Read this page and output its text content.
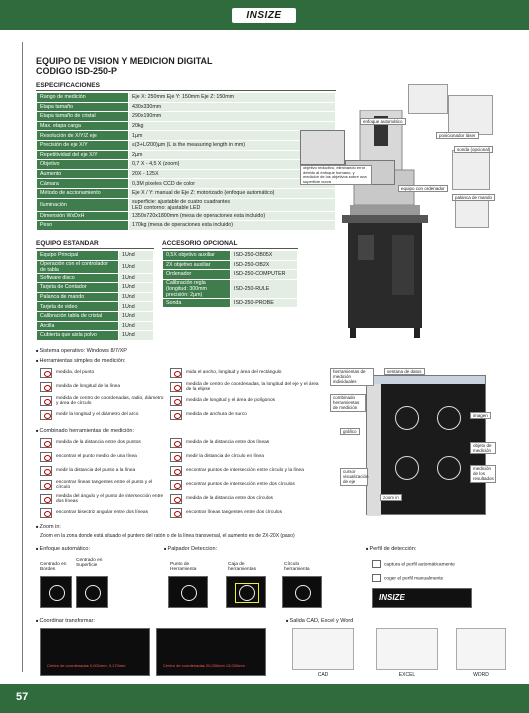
INSIZE
EQUIPO DE VISION Y MEDICION DIGITAL
CODIGO ISD-250-P
ESPECIFICACIONES
Rango de medición	Eje X: 250mm Eje Y: 150mm Eje Z: 150mm
Etapa tamaño	430x330mm
Etapa tamaño de cristal	290x190mm
Max. etapa carga	20kg
Resolución de X/Y/Z eje	1µm
Precisión de eje X/Y	≤(3+L/200)µm (L is the measuring length in mm)
Repetitividad del eje X/Y	2µm
Objetivo	0,7 X - 4,5 X (zoom)
Aumento	20X - 125X
Cámara	0,3M pixeles CCD de color
Método de accionamiento	Eje X / Y: manual de Eje Z: motorizado (enfoque automático)
Iluminación	superficie: ajustable de cuatro cuadrantes
LED contorno: ajustable LED
Dimensión WxDxH	1350x720x1800mm (mesa de operaciones esta incluido)
Peso	170kg (mesa de operaciones esta incluido)
enfoque automático
posicionador láser
sonda (opcional)
objetivo reductivo, eliminando error debido al enfoque humano, y medición de los objetivos sobre una superficie curva
equipo con ordenador
palanca de mando
EQUIPO ESTANDAR
Equipo Principal	1Und
Operación con el controlador de tabla	1Und
Software disco	1Und
Tarjeta de Contador	1Und
Palanca de mando	1Und
Tarjeta de video	1Und
Calibración tabla de cristal	1Und
Arcilla	1Und
Cubierta que aisla polvo	1Und
ACCESORIO OPCIONAL
0,5X objetivo auxiliar	ISD-250-OB05X
2X objetivo auxiliar	ISD-250-OB2X
Ordenador	ISD-250-COMPUTER
Calibración regla (longitud: 300mm precisión: 2µm)	ISD-250-RULE
Sonda	ISD-250-PROBE
■ Sistema operativo: Windows 8/7/XP
■ Herramientas simples de medición:
medida, del punto
medida de longitud de la línea
medida de centro de coordenadas, radio, diámetro y área de círculo
medir la longitud y el diámetro del arco
mida el ancho, longitud y área del rectángulo
medida de centro de coordenadas, la longitud del eje y el área de la elipse
medida de longitud y el área de polígonos
medida de anchura de surco
■ Combinado herramientas de medición:
medida de la distancia entre dos puntos
encontrar el punto medio de una línea
medir la distancia del punto a la línea
encontrar líneas tangentes entre el punto y el círculo
medida del ángulo y el punto de intersección entre dos líneas
encontrar bisectriz angular entre dos líneas
medida de la distancia entre dos líneas
medir la distancia de círculo en línea
encontrar puntos de intersección entre círculo y la línea
encontrar puntos de intersección entre dos círculos
medida de la distancia entre dos círculos
encontrar líneas tangentes entre dos círculos
herramientas de medición individuales
ventana de datos
combinado herramientas de medición
imagen
gráfico
objeto de medición
cursor visualización de eje
medición de los resultados
zoom in
■ Zoom in:
Zoom en la zona donde está situado el puntero del ratón o de la línea transversal, el aumento es de 2X-20X (paso)
■ Enfoque automático:
Centrado en Bordes
Centrado en Superficie
■ Palpador Deteccion:
Punto de Herramienta
Caja de herramientas
Círculo herramienta
■ Perfil de detección:
captura el perfil automáticamente
coger el perfil manualmente
INSIZE
■ Coordinar transformar:
Centro de coordenadas 0,001mm, 0,170mm	Centro de coordenadas 20,000mm 13,000mm
■ Salida CAD, Excel y Word
CAD	EXCEL	WORD
57
